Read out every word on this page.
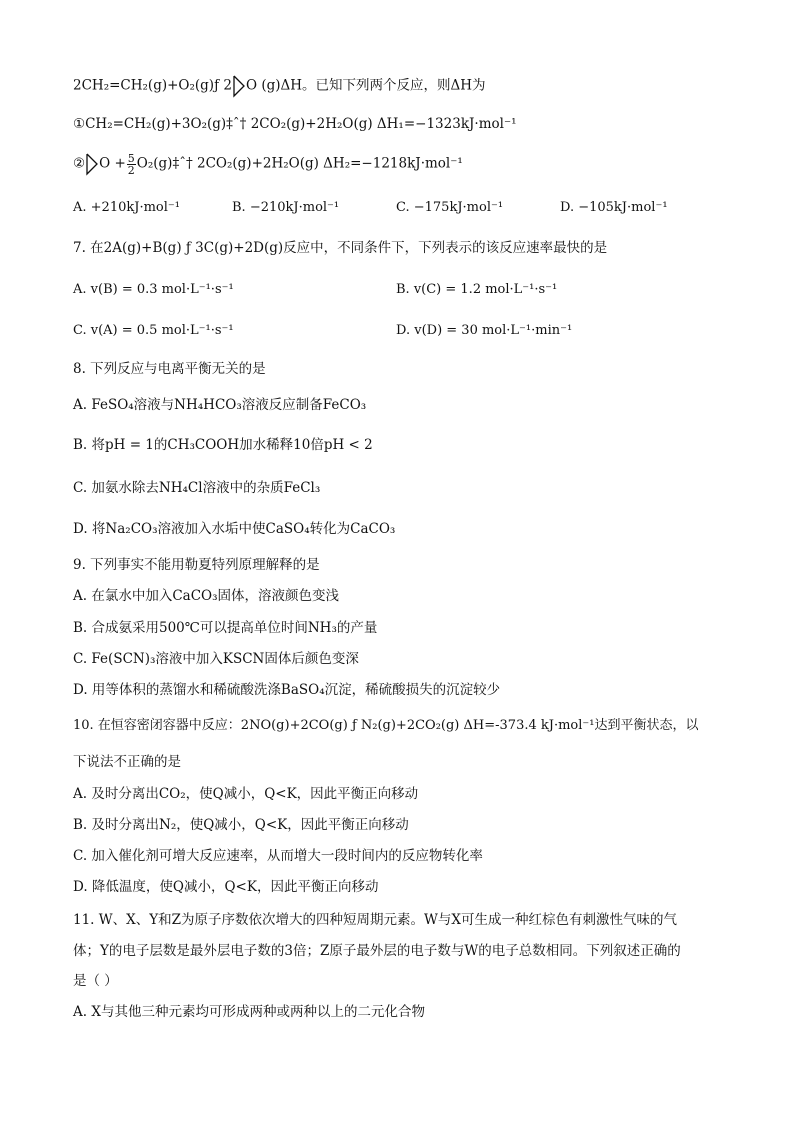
2CH₂=CH₂(g)+O₂(g)ƒ 2 O (g)ΔH。已知下列两个反应，则ΔH为
①CH₂=CH₂(g)+3O₂(g)‡ˆ† 2CO₂(g)+2H₂O(g) ΔH₁=−1323kJ·mol⁻¹
② $O + \frac{5}{2}$ O₂(g)‡ˆ† 2CO₂(g)+2H₂O(g) ΔH₂=−1218kJ·mol⁻¹
A. +210kJ·mol⁻¹	B. −210kJ·mol⁻¹	C. −175kJ·mol⁻¹	D. −105kJ·mol⁻¹
7. 在2A(g)+B(g) ƒ 3C(g)+2D(g)反应中，不同条件下，下列表示的该反应速率最快的是
A. v(B) = 0.3 mol·L⁻¹·s⁻¹	B. v(C) = 1.2 mol·L⁻¹·s⁻¹
C. v(A) = 0.5 mol·L⁻¹·s⁻¹	D. v(D) = 30 mol·L⁻¹·min⁻¹
8. 下列反应与电离平衡无关的是
A. FeSO₄溶液与NH₄HCO₃溶液反应制备FeCO₃
B. 将pH = 1的CH₃COOH加水稀释10倍pH < 2
C. 加氨水除去NH₄Cl溶液中的杂质FeCl₃
D. 将Na₂CO₃溶液加入水垢中使CaSO₄转化为CaCO₃
9. 下列事实不能用勒夏特列原理解释的是
A. 在氯水中加入CaCO₃固体，溶液颜色变浅
B. 合成氨采用500℃可以提高单位时间NH₃的产量
C. Fe(SCN)₃溶液中加入KSCN固体后颜色变深
D. 用等体积的蒸馏水和稀硫酸洗涤BaSO₄沉淀，稀硫酸损失的沉淀较少
10. 在恒容密闭容器中反应：2NO(g)+2CO(g) ƒ N₂(g)+2CO₂(g) ΔH=-373.4 kJ·mol⁻¹达到平衡状态，以
下说法不正确的是
A. 及时分离出CO₂，使Q减小，Q<K，因此平衡正向移动
B. 及时分离出N₂，使Q减小，Q<K，因此平衡正向移动
C. 加入催化剂可增大反应速率，从而增大一段时间内的反应物转化率
D. 降低温度，使Q减小，Q<K，因此平衡正向移动
11. W、X、Y和Z为原子序数依次增大的四种短周期元素。W与X可生成一种红棕色有刺激性气味的气
体；Y的电子层数是最外层电子数的3倍；Z原子最外层的电子数与W的电子总数相同。下列叙述正确的
是（ ）
A. X与其他三种元素均可形成两种或两种以上的二元化合物
